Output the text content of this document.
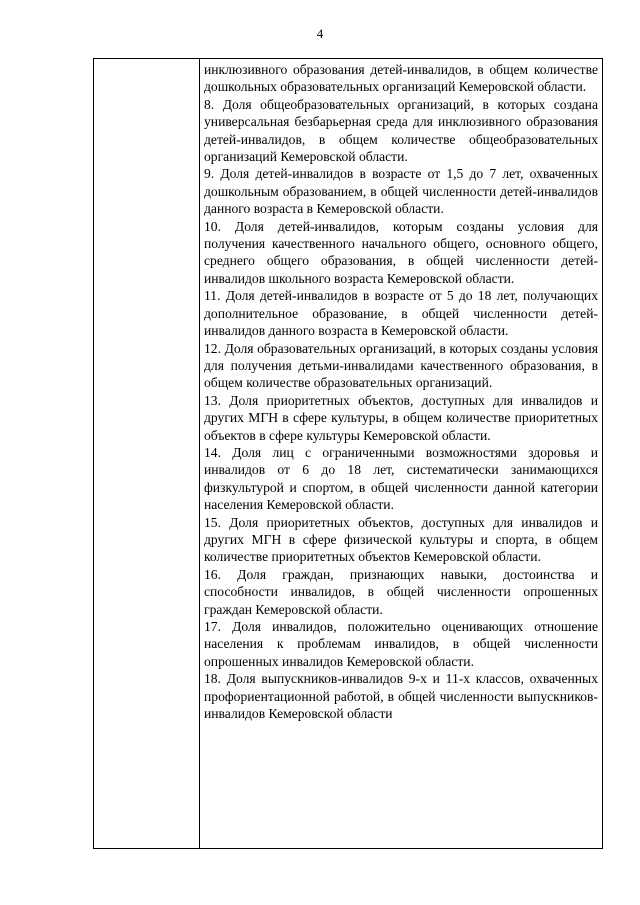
4

инклюзивного образования детей-инвалидов, в общем количестве дошкольных образовательных организаций Кемеровской области.

8. Доля общеобразовательных организаций, в которых создана универсальная безбарьерная среда для инклюзивного образования детей-инвалидов, в общем количестве общеобразовательных организаций Кемеровской области.

9. Доля детей-инвалидов в возрасте от 1,5 до 7 лет, охваченных дошкольным образованием, в общей численности детей-инвалидов данного возраста в Кемеровской области.

10. Доля детей-инвалидов, которым созданы условия для получения качественного начального общего, основного общего, среднего общего образования, в общей численности детей-инвалидов школьного возраста Кемеровской области.

11. Доля детей-инвалидов в возрасте от 5 до 18 лет, получающих дополнительное образование, в общей численности детей-инвалидов данного возраста в Кемеровской области.

12. Доля образовательных организаций, в которых созданы условия для получения детьми-инвалидами качественного образования, в общем количестве образовательных организаций.

13. Доля приоритетных объектов, доступных для инвалидов и других МГН в сфере культуры, в общем количестве приоритетных объектов в сфере культуры Кемеровской области.

14. Доля лиц с ограниченными возможностями здоровья и инвалидов от 6 до 18 лет, систематически занимающихся физкультурой и спортом, в общей численности данной категории населения Кемеровской области.

15. Доля приоритетных объектов, доступных для инвалидов и других МГН в сфере физической культуры и спорта, в общем количестве приоритетных объектов Кемеровской области.

16. Доля граждан, признающих навыки, достоинства и способности инвалидов, в общей численности опрошенных граждан Кемеровской области.

17. Доля инвалидов, положительно оценивающих отношение населения к проблемам инвалидов, в общей численности опрошенных инвалидов Кемеровской области.

18. Доля выпускников-инвалидов 9-х и 11-х классов, охваченных профориентационной работой, в общей численности выпускников-инвалидов Кемеровской области
